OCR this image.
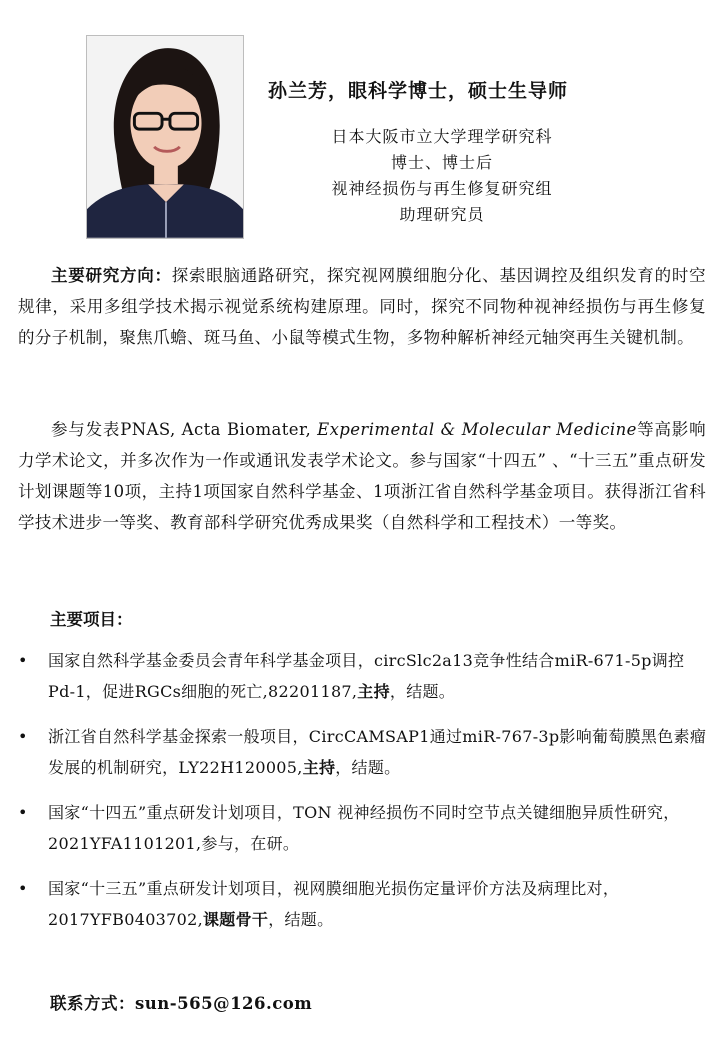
孙兰芳，眼科学博士，硕士生导师
日本大阪市立大学理学研究科
博士、博士后
视神经损伤与再生修复研究组
助理研究员
主要研究方向：探索眼脑通路研究，探究视网膜细胞分化、基因调控及组织发育的时空规律，采用多组学技术揭示视觉系统构建原理。同时，探究不同物种视神经损伤与再生修复的分子机制，聚焦爪蟾、斑马鱼、小鼠等模式生物，多物种解析神经元轴突再生关键机制。
参与发表PNAS, Acta Biomater, Experimental & Molecular Medicine等高影响力学术论文，并多次作为一作或通讯发表学术论文。参与国家“十四五” 、“十三五”重点研发计划课题等10项，主持1项国家自然科学基金、1项浙江省自然科学基金项目。获得浙江省科学技术进步一等奖、教育部科学研究优秀成果奖（自然科学和工程技术）一等奖。
主要项目：
• 国家自然科学基金委员会青年科学基金项目，circSlc2a13竞争性结合miR-671-5p调控Pd-1，促进RGCs细胞的死亡,82201187,主持，结题。
• 浙江省自然科学基金探索一般项目，CircCAMSAP1通过miR-767-3p影响葡萄膜黑色素瘤发展的机制研究，LY22H120005,主持，结题。
• 国家“十四五”重点研发计划项目，TON 视神经损伤不同时空节点关键细胞异质性研究，2021YFA1101201,参与，在研。
• 国家“十三五”重点研发计划项目，视网膜细胞光损伤定量评价方法及病理比对，2017YFB0403702,课题骨干，结题。
联系方式：sun-565@126.com
